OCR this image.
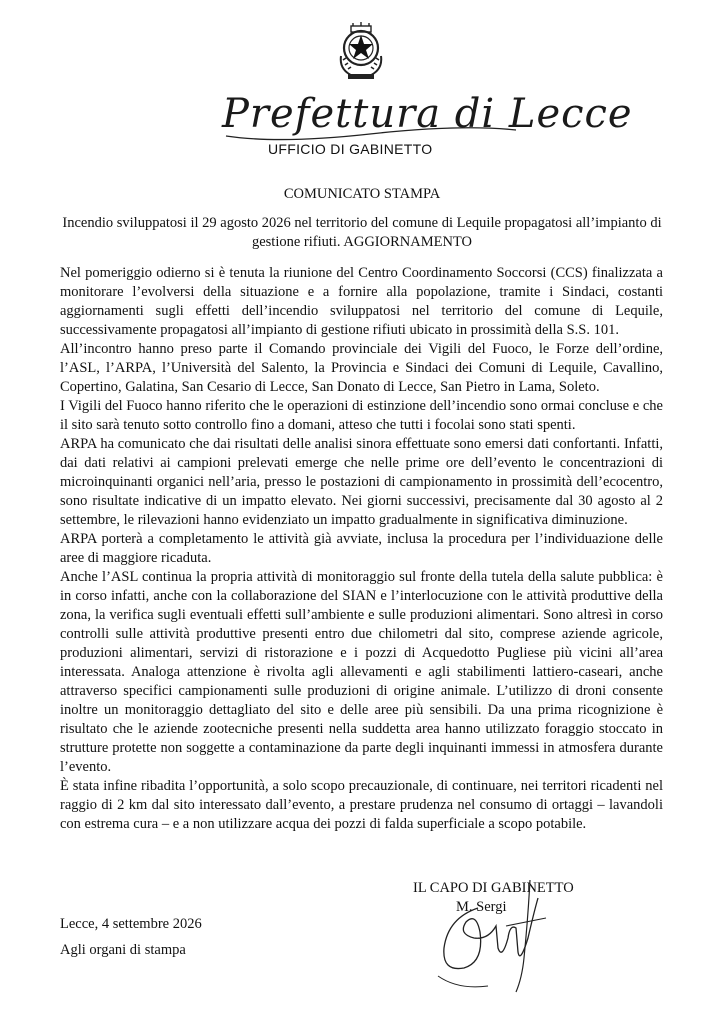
Prefettura di Lecce
UFFICIO DI GABINETTO
COMUNICATO STAMPA
Incendio sviluppatosi il 29 agosto 2026 nel territorio del comune di Lequile propagatosi all’impianto di gestione rifiuti. AGGIORNAMENTO

Nel pomeriggio odierno si è tenuta la riunione del Centro Coordinamento Soccorsi (CCS) finalizzata a monitorare l’evolversi della situazione e a fornire alla popolazione, tramite i Sindaci, costanti aggiornamenti sugli effetti dell’incendio sviluppatosi nel territorio del comune di Lequile, successivamente propagatosi all’impianto di gestione rifiuti ubicato in prossimità della S.S. 101.

All’incontro hanno preso parte il Comando provinciale dei Vigili del Fuoco, le Forze dell’ordine, l’ASL, l’ARPA, l’Università del Salento, la Provincia e Sindaci dei Comuni di Lequile, Cavallino, Copertino, Galatina, San Cesario di Lecce, San Donato di Lecce, San Pietro in Lama, Soleto.

I Vigili del Fuoco hanno riferito che le operazioni di estinzione dell’incendio sono ormai concluse e che il sito sarà tenuto sotto controllo fino a domani, atteso che tutti i focolai sono stati spenti.

ARPA ha comunicato che dai risultati delle analisi sinora effettuate sono emersi dati confortanti. Infatti, dai dati relativi ai campioni prelevati emerge che nelle prime ore dell’evento le concentrazioni di microinquinanti organici nell’aria, presso le postazioni di campionamento in prossimità dell’ecocentro, sono risultate indicative di un impatto elevato. Nei giorni successivi, precisamente dal 30 agosto al 2 settembre, le rilevazioni hanno evidenziato un impatto gradualmente in significativa diminuzione.

ARPA porterà a completamento le attività già avviate, inclusa la procedura per l’individuazione delle aree di maggiore ricaduta.

Anche l’ASL continua la propria attività di monitoraggio sul fronte della tutela della salute pubblica: è in corso infatti, anche con la collaborazione del SIAN e l’interlocuzione con le attività produttive della zona, la verifica sugli eventuali effetti sull’ambiente e sulle produzioni alimentari. Sono altresì in corso controlli sulle attività produttive presenti entro due chilometri dal sito, comprese aziende agricole, produzioni alimentari, servizi di ristorazione e i pozzi di Acquedotto Pugliese più vicini all’area interessata. Analoga attenzione è rivolta agli allevamenti e agli stabilimenti lattiero-caseari, anche attraverso specifici campionamenti sulle produzioni di origine animale. L’utilizzo di droni consente inoltre un monitoraggio dettagliato del sito e delle aree più sensibili. Da una prima ricognizione è risultato che le aziende zootecniche presenti nella suddetta area hanno utilizzato foraggio stoccato in strutture protette non soggette a contaminazione da parte degli inquinanti immessi in atmosfera durante l’evento.

È stata infine ribadita l’opportunità, a solo scopo precauzionale, di continuare, nei territori ricadenti nel raggio di 2 km dal sito interessato dall’evento, a prestare prudenza nel consumo di ortaggi – lavandoli con estrema cura – e a non utilizzare acqua dei pozzi di falda superficiale a scopo potabile.

IL CAPO DI GABINETTO
M. Sergi
Lecce, 4 settembre 2026
Agli organi di stampa
